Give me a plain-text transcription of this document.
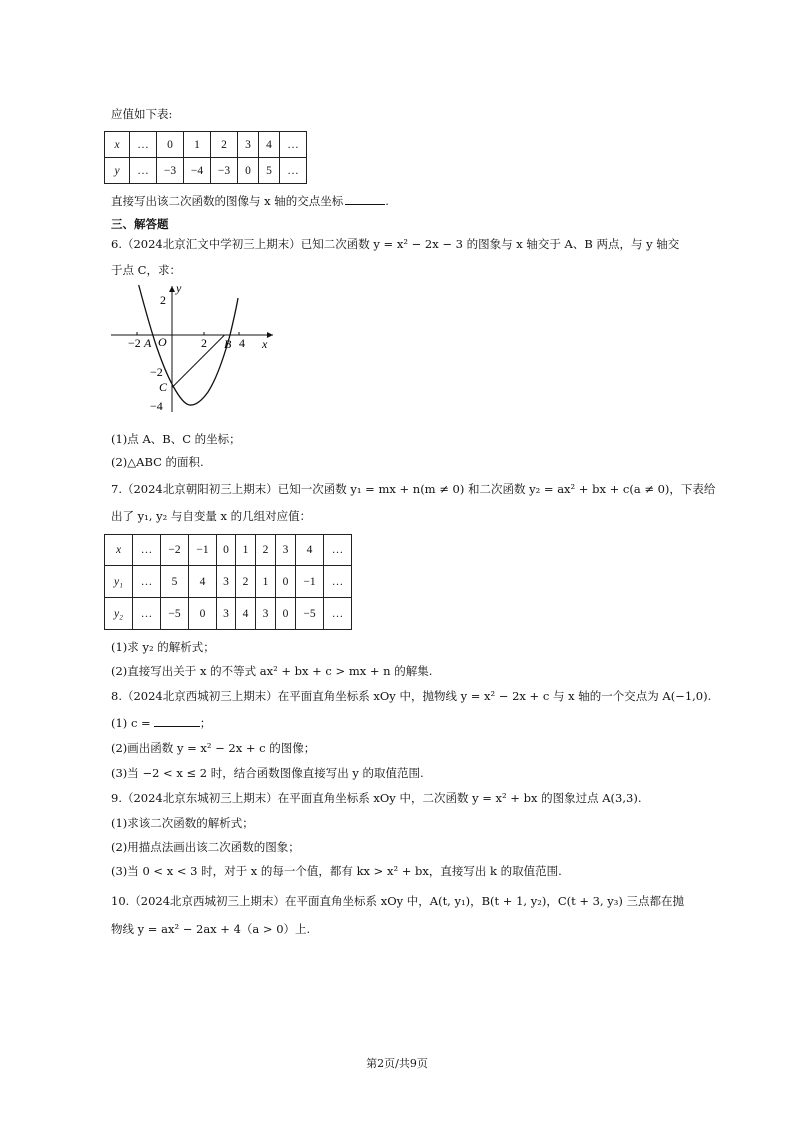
应值如下表:
x	…	0	1	2	3	4	…
y	…	−3	−4	−3	0	5	…
直接写出该二次函数的图像与 x 轴的交点坐标	.
三、解答题
6.（2024北京汇文中学初三上期末）已知二次函数 y = x² − 2x − 3 的图象与 x 轴交于 A、B 两点，与 y 轴交
于点 C，求：
y
x
2
−2 A O	2 B 4
−2
C
−4
(1)点 A、B、C 的坐标；
(2)△ABC 的面积.
7.（2024北京朝阳初三上期末）已知一次函数 y₁ = mx + n(m ≠ 0) 和二次函数 y₂ = ax² + bx + c(a ≠ 0)，下表给
出了 y₁, y₂ 与自变量 x 的几组对应值：
x	…	−2	−1	0	1	2	3	4	…
y₁	…	5	4	3	2	1	0	−1	…
y₂	…	−5	0	3	4	3	0	−5	…
(1)求 y₂ 的解析式；
(2)直接写出关于 x 的不等式 ax² + bx + c > mx + n 的解集.
8.（2024北京西城初三上期末）在平面直角坐标系 xOy 中，抛物线 y = x² − 2x + c 与 x 轴的一个交点为 A(−1,0).
(1) c =	；
(2)画出函数 y = x² − 2x + c 的图像；
(3)当 −2 < x ≤ 2 时，结合函数图像直接写出 y 的取值范围.
9.（2024北京东城初三上期末）在平面直角坐标系 xOy 中，二次函数 y = x² + bx 的图象过点 A(3,3).
(1)求该二次函数的解析式；
(2)用描点法画出该二次函数的图象；
(3)当 0 < x < 3 时，对于 x 的每一个值，都有 kx > x² + bx，直接写出 k 的取值范围.
10.（2024北京西城初三上期末）在平面直角坐标系 xOy 中，A(t, y₁)，B(t + 1, y₂)，C(t + 3, y₃) 三点都在抛
物线 y = ax² − 2ax + 4（a > 0）上.
第2页/共9页
